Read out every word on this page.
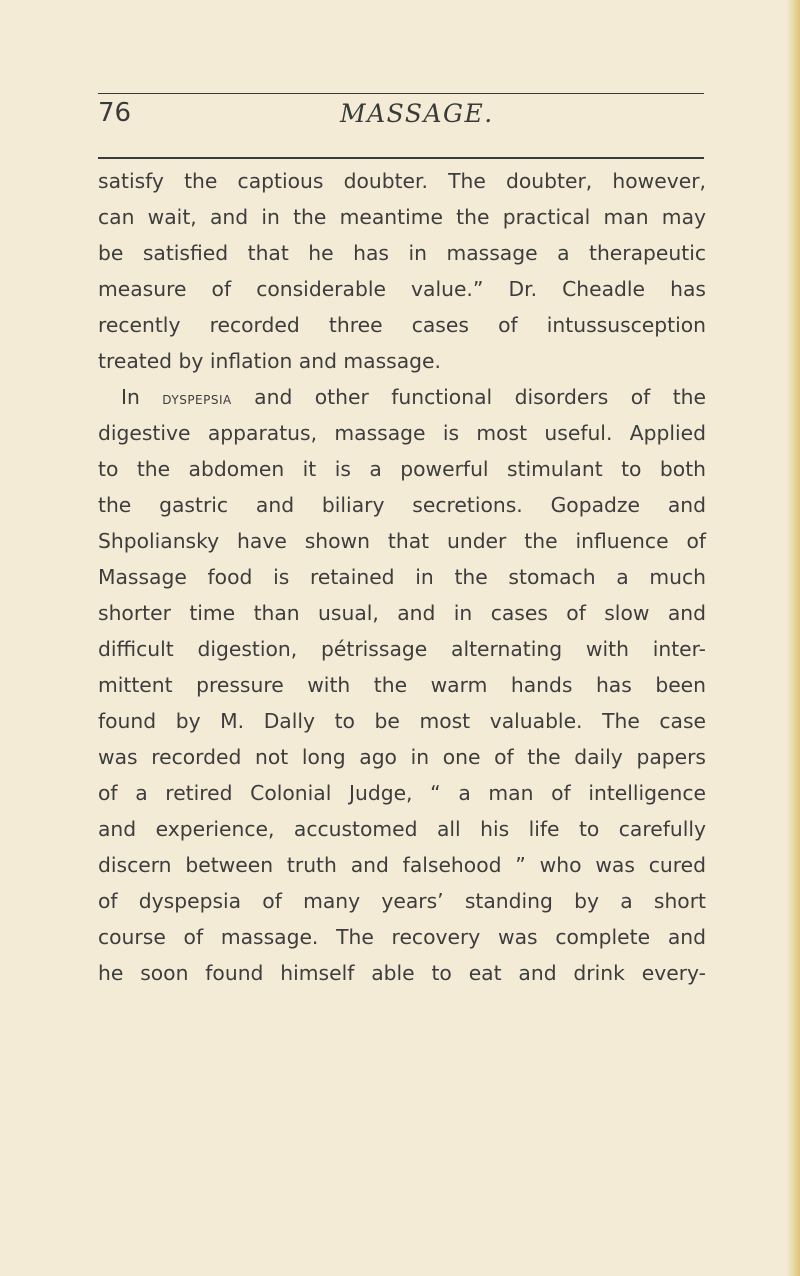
76	MASSAGE.

satisfy the captious doubter. The doubter, however,
can wait, and in the meantime the practical man may
be satisfied that he has in massage a therapeutic
measure of considerable value.” Dr. Cheadle has
recently recorded three cases of intussusception
treated by inflation and massage.
In dyspepsia and other functional disorders of the
digestive apparatus, massage is most useful. Applied
to the abdomen it is a powerful stimulant to both
the gastric and biliary secretions. Gopadze and
Shpoliansky have shown that under the influence of
Massage food is retained in the stomach a much
shorter time than usual, and in cases of slow and
difficult digestion, pétrissage alternating with inter-
mittent pressure with the warm hands has been
found by M. Dally to be most valuable. The case
was recorded not long ago in one of the daily papers
of a retired Colonial Judge, “ a man of intelligence
and experience, accustomed all his life to carefully
discern between truth and falsehood ” who was cured
of dyspepsia of many years’ standing by a short
course of massage. The recovery was complete and
he soon found himself able to eat and drink every-
